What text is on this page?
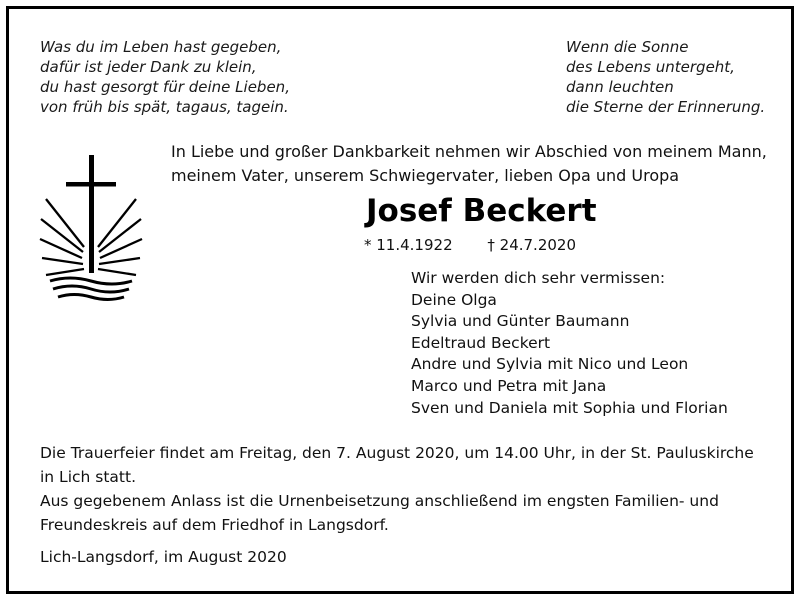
Was du im Leben hast gegeben,
dafür ist jeder Dank zu klein,
du hast gesorgt für deine Lieben,
von früh bis spät, tagaus, tagein.
Wenn die Sonne
des Lebens untergeht,
dann leuchten
die Sterne der Erinnerung.
In Liebe und großer Dankbarkeit nehmen wir Abschied von meinem Mann,
meinem Vater, unserem Schwiegervater, lieben Opa und Uropa
Josef Beckert
* 11.4.1922 † 24.7.2020
Wir werden dich sehr vermissen:
Deine Olga
Sylvia und Günter Baumann
Edeltraud Beckert
Andre und Sylvia mit Nico und Leon
Marco und Petra mit Jana
Sven und Daniela mit Sophia und Florian
Die Trauerfeier findet am Freitag, den 7. August 2020, um 14.00 Uhr, in der St. Pauluskirche
in Lich statt.
Aus gegebenem Anlass ist die Urnenbeisetzung anschließend im engsten Familien- und
Freundeskreis auf dem Friedhof in Langsdorf.
Lich-Langsdorf, im August 2020
